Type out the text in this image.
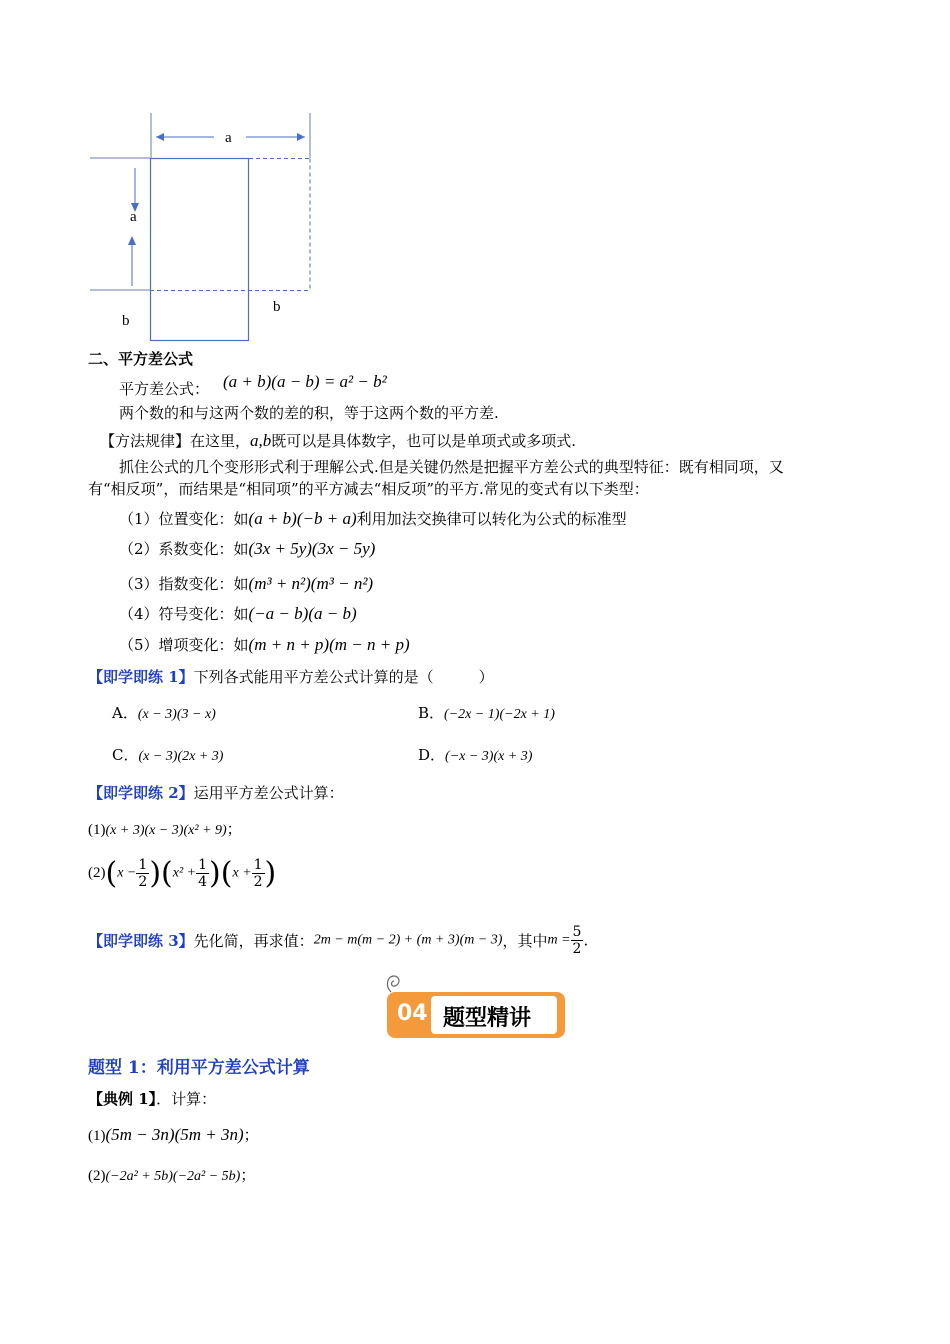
a
a
b
b
二、平方差公式
平方差公式： (a + b)(a − b) = a² − b²
两个数的和与这两个数的差的积，等于这两个数的平方差.
【方法规律】在这里，a,b既可以是具体数字，也可以是单项式或多项式.
抓住公式的几个变形形式利于理解公式.但是关键仍然是把握平方差公式的典型特征：既有相同项，又
有“相反项”，而结果是“相同项”的平方减去“相反项”的平方.常见的变式有以下类型：
（1）位置变化：如(a + b)(−b + a)利用加法交换律可以转化为公式的标准型
（2）系数变化：如(3x + 5y)(3x − 5y)
（3）指数变化：如(m³ + n²)(m³ − n²)
（4）符号变化：如(−a − b)(a − b)
（5）增项变化：如(m + n + p)(m − n + p)
【即学即练 1】下列各式能用平方差公式计算的是（　　　）
A．(x − 3)(3 − x)	B．(−2x − 1)(−2x + 1)
C．(x − 3)(2x + 3)	D．(−x − 3)(x + 3)
【即学即练 2】运用平方差公式计算：
(1)(x + 3)(x − 3)(x² + 9)；
$(2)(x - \frac{1}{2} )(x^2 + \frac{1}{4} )(x + \frac{1}{2}$ )
【即学即练 3】先化简，再求值：2m − m(m − 2) + (m + 3)(m − 3)，其中$m = \frac{5}{2}$ .
04 题型精讲
题型 1：利用平方差公式计算
【典例 1】．计算：
(1)(5m − 3n)(5m + 3n)；
(2)(−2a² + 5b)(−2a² − 5b)；
